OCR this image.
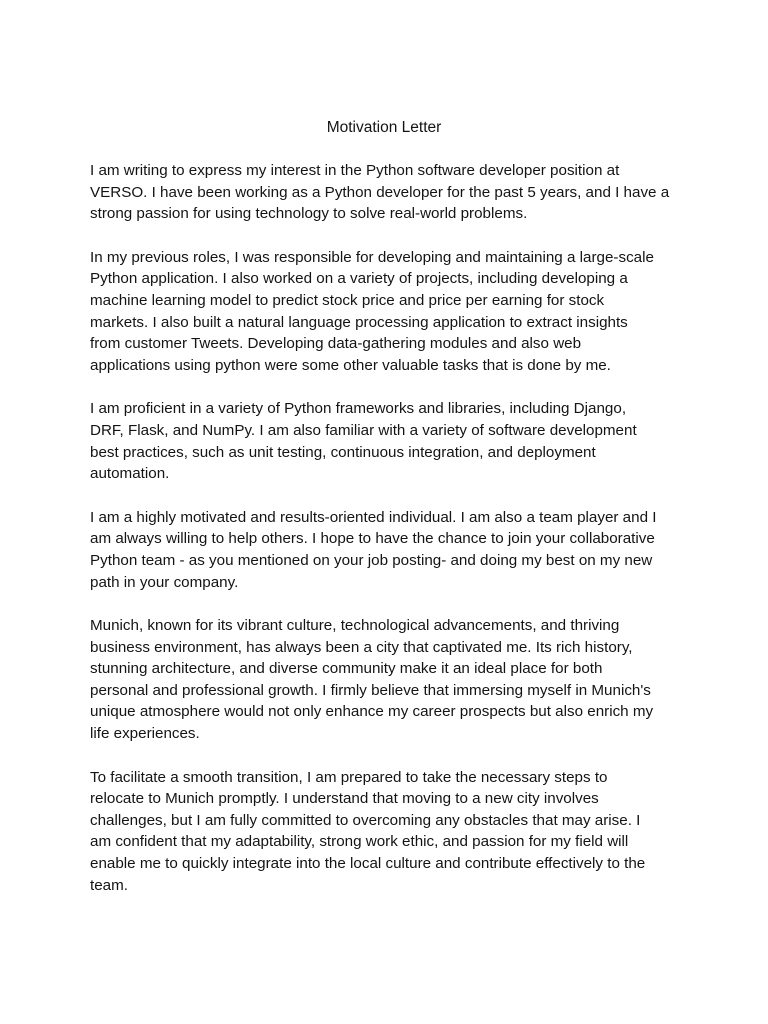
Motivation Letter
I am writing to express my interest in the Python software developer position at
VERSO. I have been working as a Python developer for the past 5 years, and I have a
strong passion for using technology to solve real-world problems.
In my previous roles, I was responsible for developing and maintaining a large-scale
Python application. I also worked on a variety of projects, including developing a
machine learning model to predict stock price and price per earning for stock
markets. I also built a natural language processing application to extract insights
from customer Tweets. Developing data-gathering modules and also web
applications using python were some other valuable tasks that is done by me.
I am proficient in a variety of Python frameworks and libraries, including Django,
DRF, Flask, and NumPy. I am also familiar with a variety of software development
best practices, such as unit testing, continuous integration, and deployment
automation.
I am a highly motivated and results-oriented individual. I am also a team player and I
am always willing to help others. I hope to have the chance to join your collaborative
Python team - as you mentioned on your job posting- and doing my best on my new
path in your company.
Munich, known for its vibrant culture, technological advancements, and thriving
business environment, has always been a city that captivated me. Its rich history,
stunning architecture, and diverse community make it an ideal place for both
personal and professional growth. I firmly believe that immersing myself in Munich's
unique atmosphere would not only enhance my career prospects but also enrich my
life experiences.
To facilitate a smooth transition, I am prepared to take the necessary steps to
relocate to Munich promptly. I understand that moving to a new city involves
challenges, but I am fully committed to overcoming any obstacles that may arise. I
am confident that my adaptability, strong work ethic, and passion for my field will
enable me to quickly integrate into the local culture and contribute effectively to the
team.
